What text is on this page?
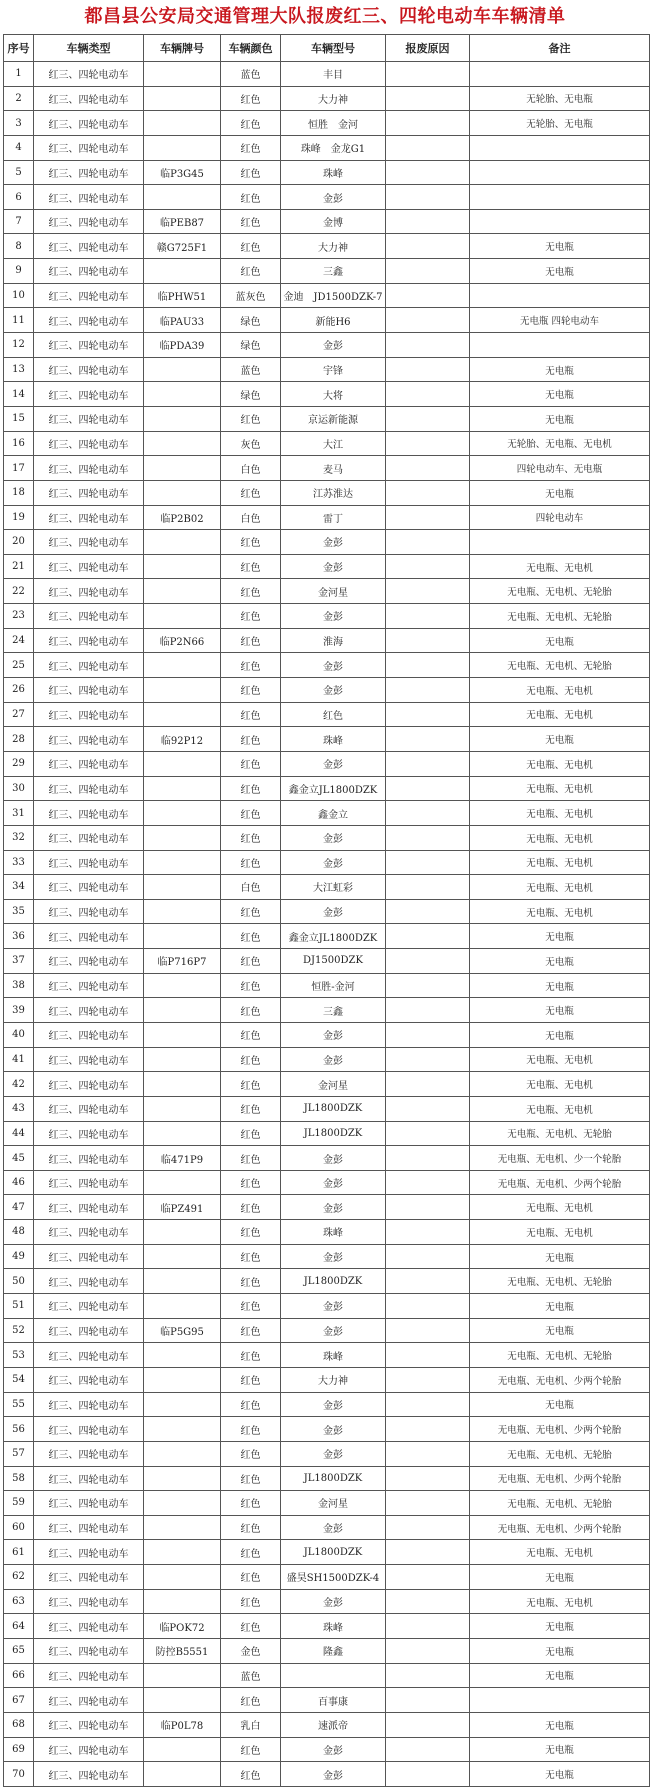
都昌县公安局交通管理大队报废红三、四轮电动车车辆清单
序号	车辆类型	车辆牌号	车辆颜色	车辆型号	报废原因	备注
1	红三、四轮电动车		蓝色	丰目		
2	红三、四轮电动车		红色	大力神		无轮胎、无电瓶
3	红三、四轮电动车		红色	恒胜　金河		无轮胎、无电瓶
4	红三、四轮电动车		红色	珠峰　金龙G1		
5	红三、四轮电动车	临P3G45	红色	珠峰		
6	红三、四轮电动车		红色	金彭		
7	红三、四轮电动车	临PEB87	红色	金博		
8	红三、四轮电动车	赣G725F1	红色	大力神		无电瓶
9	红三、四轮电动车		红色	三鑫		无电瓶
10	红三、四轮电动车	临PHW51	蓝灰色	金迪　JD1500DZK-7		
11	红三、四轮电动车	临PAU33	绿色	新能H6		无电瓶 四轮电动车
12	红三、四轮电动车	临PDA39	绿色	金彭		
13	红三、四轮电动车		蓝色	宇锋		无电瓶
14	红三、四轮电动车		绿色	大将		无电瓶
15	红三、四轮电动车		红色	京运新能源		无电瓶
16	红三、四轮电动车		灰色	大江		无轮胎、无电瓶、无电机
17	红三、四轮电动车		白色	麦马		四轮电动车、无电瓶
18	红三、四轮电动车		红色	江苏淮达		无电瓶
19	红三、四轮电动车	临P2B02	白色	雷丁		四轮电动车
20	红三、四轮电动车		红色	金彭		
21	红三、四轮电动车		红色	金彭		无电瓶、无电机
22	红三、四轮电动车		红色	金河星		无电瓶、无电机、无轮胎
23	红三、四轮电动车		红色	金彭		无电瓶、无电机、无轮胎
24	红三、四轮电动车	临P2N66	红色	淮海		无电瓶
25	红三、四轮电动车		红色	金彭		无电瓶、无电机、无轮胎
26	红三、四轮电动车		红色	金彭		无电瓶、无电机
27	红三、四轮电动车		红色	红色		无电瓶、无电机
28	红三、四轮电动车	临92P12	红色	珠峰		无电瓶
29	红三、四轮电动车		红色	金彭		无电瓶、无电机
30	红三、四轮电动车		红色	鑫金立JL1800DZK		无电瓶、无电机
31	红三、四轮电动车		红色	鑫金立		无电瓶、无电机
32	红三、四轮电动车		红色	金彭		无电瓶、无电机
33	红三、四轮电动车		红色	金彭		无电瓶、无电机
34	红三、四轮电动车		白色	大江虹彩		无电瓶、无电机
35	红三、四轮电动车		红色	金彭		无电瓶、无电机
36	红三、四轮电动车		红色	鑫金立JL1800DZK		无电瓶
37	红三、四轮电动车	临P716P7	红色	DJ1500DZK		无电瓶
38	红三、四轮电动车		红色	恒胜-金河		无电瓶
39	红三、四轮电动车		红色	三鑫		无电瓶
40	红三、四轮电动车		红色	金彭		无电瓶
41	红三、四轮电动车		红色	金彭		无电瓶、无电机
42	红三、四轮电动车		红色	金河星		无电瓶、无电机
43	红三、四轮电动车		红色	JL1800DZK		无电瓶、无电机
44	红三、四轮电动车		红色	JL1800DZK		无电瓶、无电机、无轮胎
45	红三、四轮电动车	临471P9	红色	金彭		无电瓶、无电机、少一个轮胎
46	红三、四轮电动车		红色	金彭		无电瓶、无电机、少两个轮胎
47	红三、四轮电动车	临PZ491	红色	金彭		无电瓶、无电机
48	红三、四轮电动车		红色	珠峰		无电瓶、无电机
49	红三、四轮电动车		红色	金彭		无电瓶
50	红三、四轮电动车		红色	JL1800DZK		无电瓶、无电机、无轮胎
51	红三、四轮电动车		红色	金彭		无电瓶
52	红三、四轮电动车	临P5G95	红色	金彭		无电瓶
53	红三、四轮电动车		红色	珠峰		无电瓶、无电机、无轮胎
54	红三、四轮电动车		红色	大力神		无电瓶、无电机、少两个轮胎
55	红三、四轮电动车		红色	金彭		无电瓶
56	红三、四轮电动车		红色	金彭		无电瓶、无电机、少两个轮胎
57	红三、四轮电动车		红色	金彭		无电瓶、无电机、无轮胎
58	红三、四轮电动车		红色	JL1800DZK		无电瓶、无电机、少两个轮胎
59	红三、四轮电动车		红色	金河星		无电瓶、无电机、无轮胎
60	红三、四轮电动车		红色	金彭		无电瓶、无电机、少两个轮胎
61	红三、四轮电动车		红色	JL1800DZK		无电瓶、无电机
62	红三、四轮电动车		红色	盛昊SH1500DZK-4		无电瓶
63	红三、四轮电动车		红色	金彭		无电瓶、无电机
64	红三、四轮电动车	临POK72	红色	珠峰		无电瓶
65	红三、四轮电动车	防控B5551	金色	隆鑫		无电瓶
66	红三、四轮电动车		蓝色			无电瓶
67	红三、四轮电动车		红色	百事康		
68	红三、四轮电动车	临P0L78	乳白	速派帝		无电瓶
69	红三、四轮电动车		红色	金彭		无电瓶
70	红三、四轮电动车		红色	金彭		无电瓶
